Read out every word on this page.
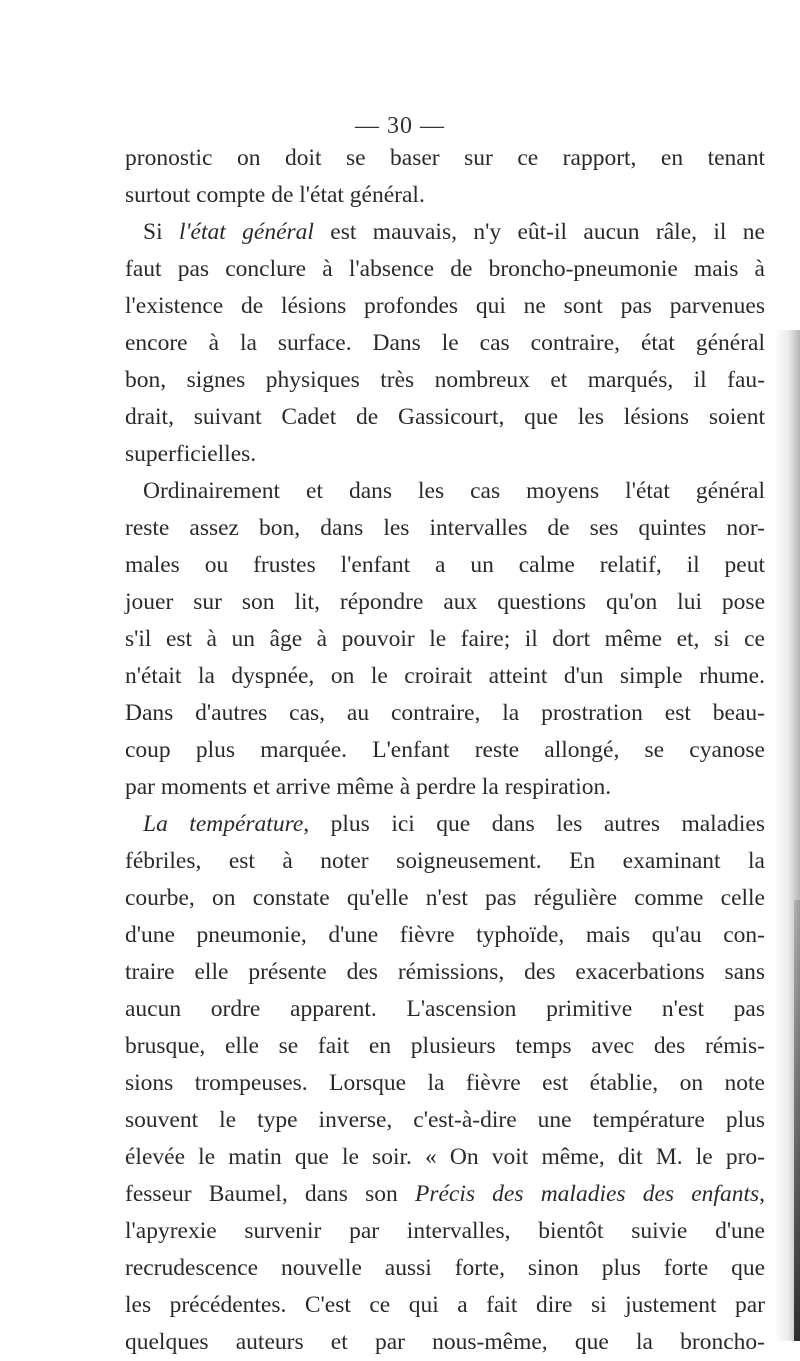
— 30 —
pronostic on doit se baser sur ce rapport, en tenant
surtout compte de l'état général.
Si l'état général est mauvais, n'y eût-il aucun râle, il ne
faut pas conclure à l'absence de broncho-pneumonie mais à
l'existence de lésions profondes qui ne sont pas parvenues
encore à la surface. Dans le cas contraire, état général
bon, signes physiques très nombreux et marqués, il fau-
drait, suivant Cadet de Gassicourt, que les lésions soient
superficielles.
Ordinairement et dans les cas moyens l'état général
reste assez bon, dans les intervalles de ses quintes nor-
males ou frustes l'enfant a un calme relatif, il peut
jouer sur son lit, répondre aux questions qu'on lui pose
s'il est à un âge à pouvoir le faire; il dort même et, si ce
n'était la dyspnée, on le croirait atteint d'un simple rhume.
Dans d'autres cas, au contraire, la prostration est beau-
coup plus marquée. L'enfant reste allongé, se cyanose
par moments et arrive même à perdre la respiration.
La température, plus ici que dans les autres maladies
fébriles, est à noter soigneusement. En examinant la
courbe, on constate qu'elle n'est pas régulière comme celle
d'une pneumonie, d'une fièvre typhoïde, mais qu'au con-
traire elle présente des rémissions, des exacerbations sans
aucun ordre apparent. L'ascension primitive n'est pas
brusque, elle se fait en plusieurs temps avec des rémis-
sions trompeuses. Lorsque la fièvre est établie, on note
souvent le type inverse, c'est-à-dire une température plus
élevée le matin que le soir. « On voit même, dit M. le pro-
fesseur Baumel, dans son Précis des maladies des enfants,
l'apyrexie survenir par intervalles, bientôt suivie d'une
recrudescence nouvelle aussi forte, sinon plus forte que
les précédentes. C'est ce qui a fait dire si justement par
quelques auteurs et par nous-même, que la broncho-
